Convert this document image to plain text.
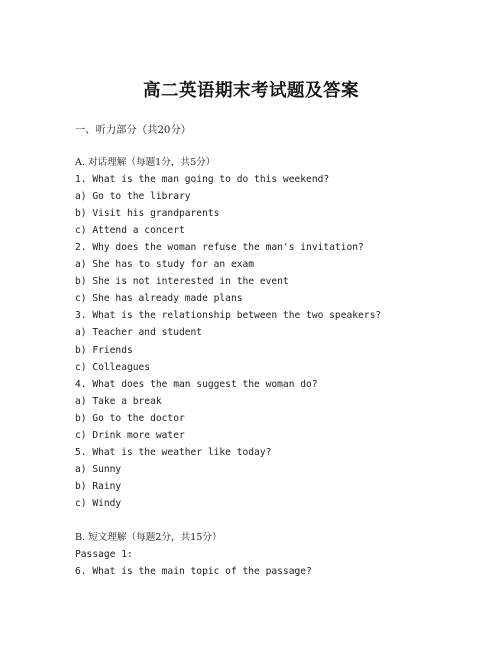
高二英语期末考试题及答案
一、听力部分（共20分）
A. 对话理解（每题1分，共5分）
1. What is the man going to do this weekend?
a) Go to the library
b) Visit his grandparents
c) Attend a concert
2. Why does the woman refuse the man's invitation?
a) She has to study for an exam
b) She is not interested in the event
c) She has already made plans
3. What is the relationship between the two speakers?
a) Teacher and student
b) Friends
c) Colleagues
4. What does the man suggest the woman do?
a) Take a break
b) Go to the doctor
c) Drink more water
5. What is the weather like today?
a) Sunny
b) Rainy
c) Windy
B. 短文理解（每题2分，共15分）
Passage 1:
6. What is the main topic of the passage?
